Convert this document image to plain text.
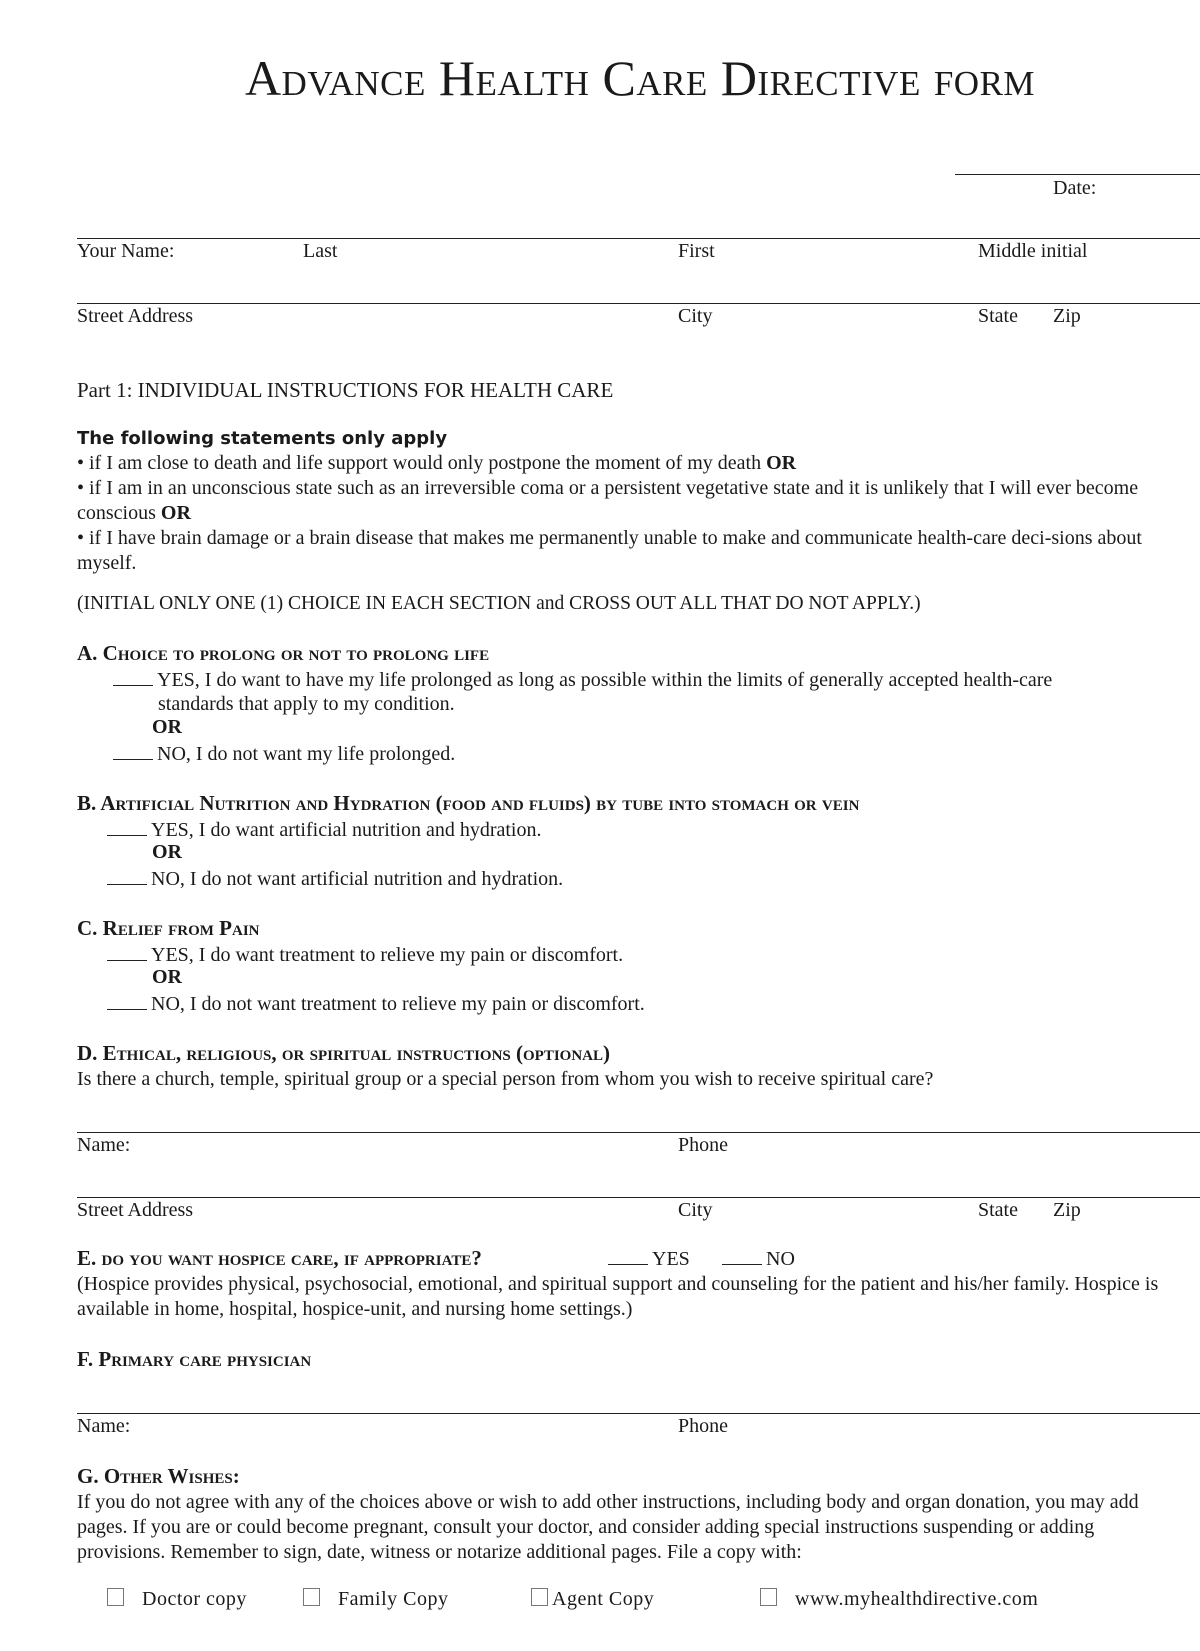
Advance Health Care Directive form
Date:
Your Name:	Last	First	Middle initial
Street Address	City	State Zip
Part 1: INDIVIDUAL INSTRUCTIONS FOR HEALTH CARE
The following statements only apply
• if I am close to death and life support would only postpone the moment of my death OR
• if I am in an unconscious state such as an irreversible coma or a persistent vegetative state and it is unlikely that I will ever become conscious OR
• if I have brain damage or a brain disease that makes me permanently unable to make and communicate health-care deci-sions about myself.
(INITIAL ONLY ONE (1) CHOICE IN EACH SECTION and CROSS OUT ALL THAT DO NOT APPLY.)
A. Choice to prolong or not to prolong life
YES, I do want to have my life prolonged as long as possible within the limits of generally accepted health-care
standards that apply to my condition.
OR
NO, I do not want my life prolonged.
B. Artificial Nutrition and Hydration (food and fluids) by tube into stomach or vein
YES, I do want artificial nutrition and hydration.
OR
NO, I do not want artificial nutrition and hydration.
C. Relief from Pain
YES, I do want treatment to relieve my pain or discomfort.
OR
NO, I do not want treatment to relieve my pain or discomfort.
D. Ethical, religious, or spiritual instructions (optional)
Is there a church, temple, spiritual group or a special person from whom you wish to receive spiritual care?
Name:	Phone
Street Address	City	State Zip
E. do you want hospice care, if appropriate?	YES	NO
(Hospice provides physical, psychosocial, emotional, and spiritual support and counseling for the patient and his/her family. Hospice is available in home, hospital, hospice-unit, and nursing home settings.)
F. Primary care physician
Name:	Phone
G. Other Wishes:
If you do not agree with any of the choices above or wish to add other instructions, including body and organ donation, you may add pages. If you are or could become pregnant, consult your doctor, and consider adding special instructions suspending or adding provisions. Remember to sign, date, witness or notarize additional pages. File a copy with:
Doctor copy	Family Copy	Agent Copy	www.myhealthdirective.com
